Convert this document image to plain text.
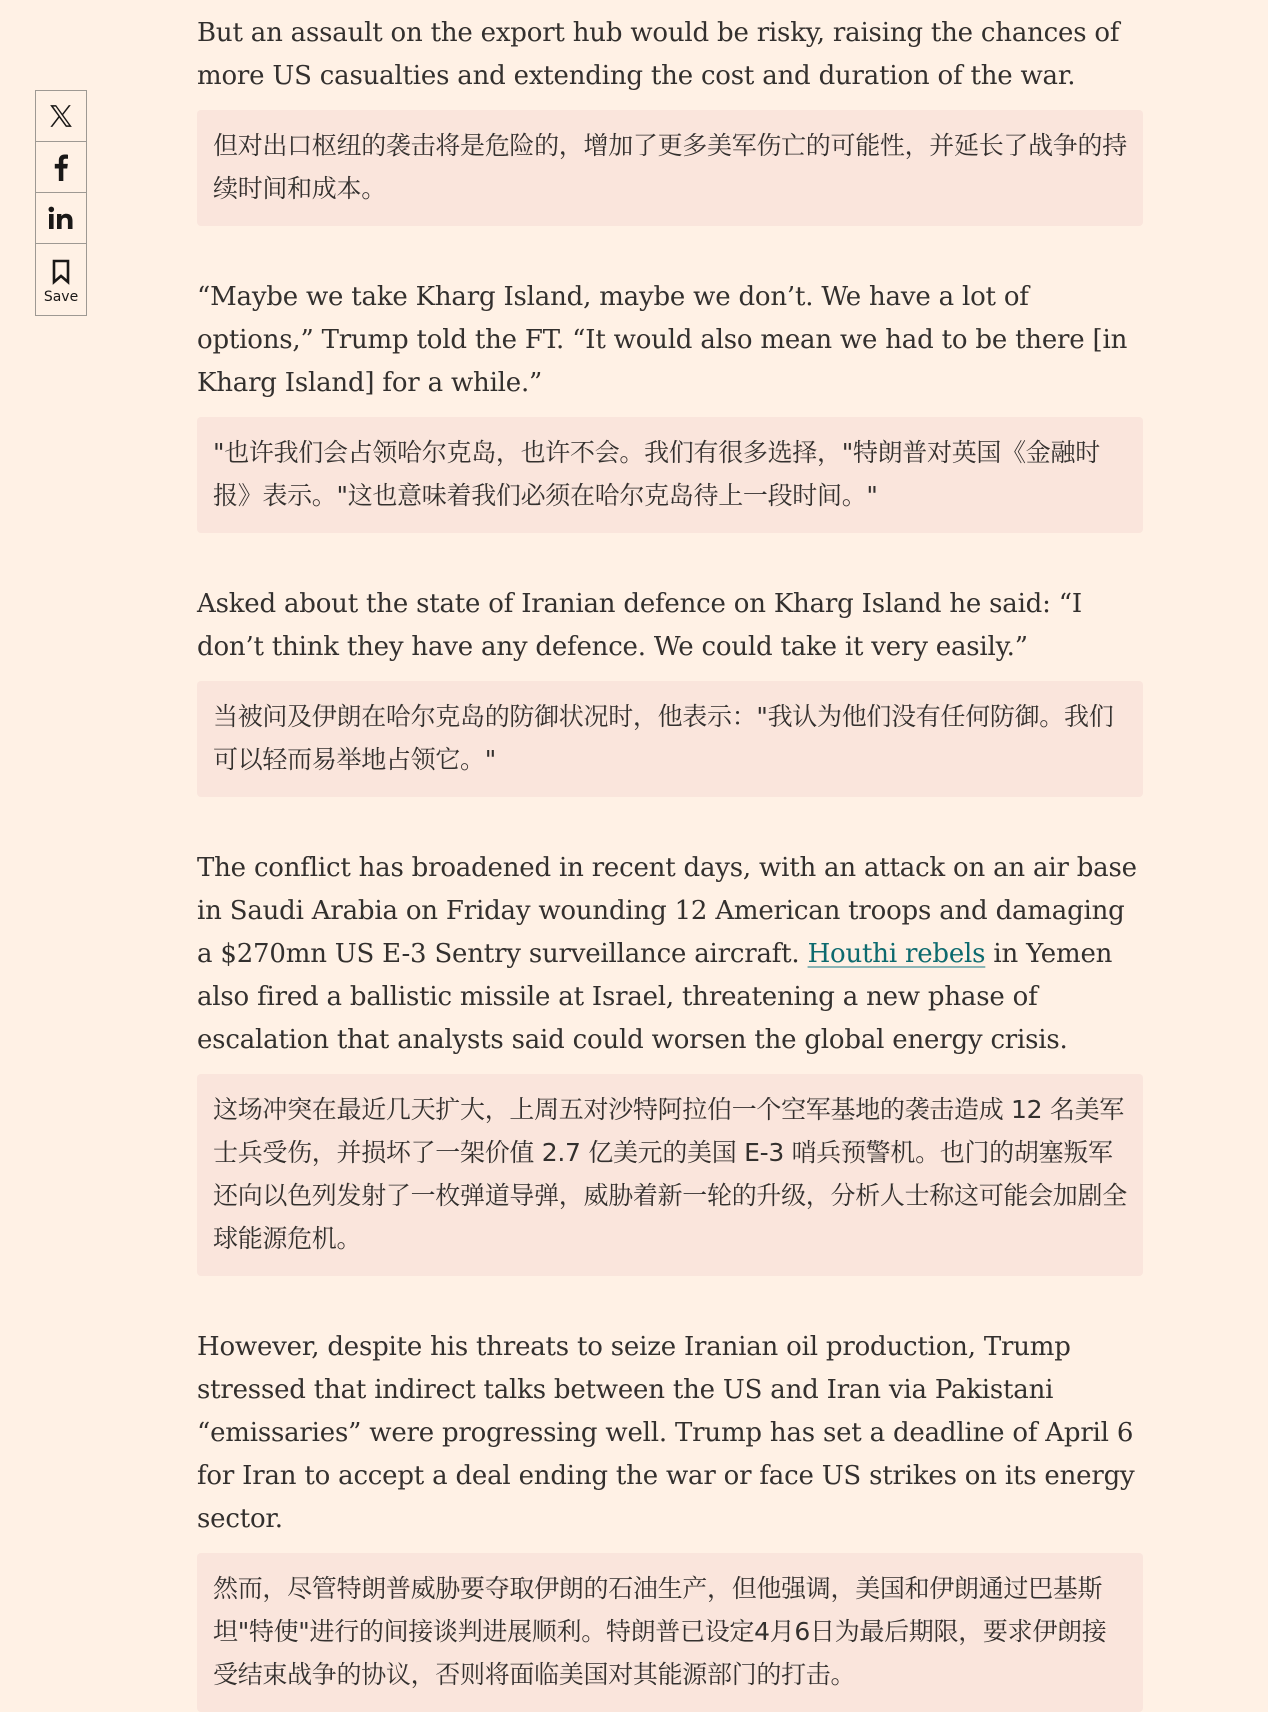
Save

But an assault on the export hub would be risky, raising the chances of more US casualties and extending the cost and duration of the war.

但对出口枢纽的袭击将是危险的，增加了更多美军伤亡的可能性，并延长了战争的持续时间和成本。

“Maybe we take Kharg Island, maybe we don’t. We have a lot of options,” Trump told the FT. “It would also mean we had to be there [in Kharg Island] for a while.”

"也许我们会占领哈尔克岛，也许不会。我们有很多选择，"特朗普对英国《金融时报》表示。"这也意味着我们必须在哈尔克岛待上一段时间。"

Asked about the state of Iranian defence on Kharg Island he said: “I don’t think they have any defence. We could take it very easily.”

当被问及伊朗在哈尔克岛的防御状况时，他表示："我认为他们没有任何防御。我们可以轻而易举地占领它。"

The conflict has broadened in recent days, with an attack on an air base in Saudi Arabia on Friday wounding 12 American troops and damaging a $270mn US E-3 Sentry surveillance aircraft. Houthi rebels in Yemen also fired a ballistic missile at Israel, threatening a new phase of escalation that analysts said could worsen the global energy crisis.

这场冲突在最近几天扩大，上周五对沙特阿拉伯一个空军基地的袭击造成 12 名美军士兵受伤，并损坏了一架价值 2.7 亿美元的美国 E-3 哨兵预警机。也门的胡塞叛军还向以色列发射了一枚弹道导弹，威胁着新一轮的升级，分析人士称这可能会加剧全球能源危机。

However, despite his threats to seize Iranian oil production, Trump stressed that indirect talks between the US and Iran via Pakistani “emissaries” were progressing well. Trump has set a deadline of April 6 for Iran to accept a deal ending the war or face US strikes on its energy sector.

然而，尽管特朗普威胁要夺取伊朗的石油生产，但他强调，美国和伊朗通过巴基斯坦"特使"进行的间接谈判进展顺利。特朗普已设定4月6日为最后期限，要求伊朗接受结束战争的协议，否则将面临美国对其能源部门的打击。
